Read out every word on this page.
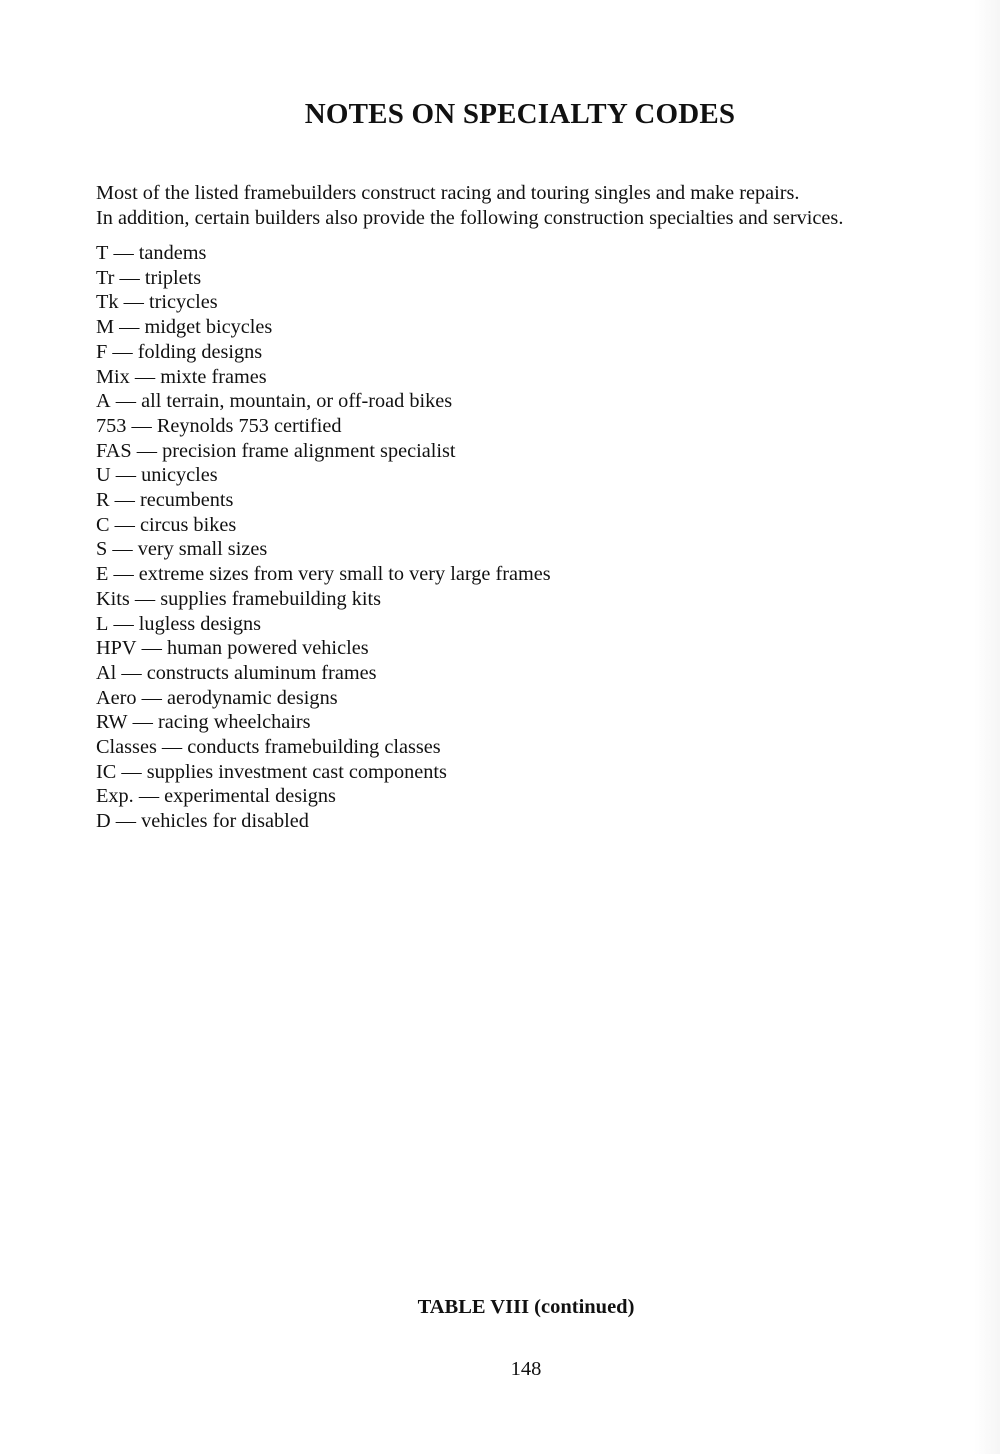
NOTES ON SPECIALTY CODES
Most of the listed framebuilders construct racing and touring singles and make repairs.
In addition, certain builders also provide the following construction specialties and services.
T — tandems
Tr — triplets
Tk — tricycles
M — midget bicycles
F — folding designs
Mix — mixte frames
A — all terrain, mountain, or off-road bikes
753 — Reynolds 753 certified
FAS — precision frame alignment specialist
U — unicycles
R — recumbents
C — circus bikes
S — very small sizes
E — extreme sizes from very small to very large frames
Kits — supplies framebuilding kits
L — lugless designs
HPV — human powered vehicles
Al — constructs aluminum frames
Aero — aerodynamic designs
RW — racing wheelchairs
Classes — conducts framebuilding classes
IC — supplies investment cast components
Exp. — experimental designs
D — vehicles for disabled
TABLE VIII (continued)
148
